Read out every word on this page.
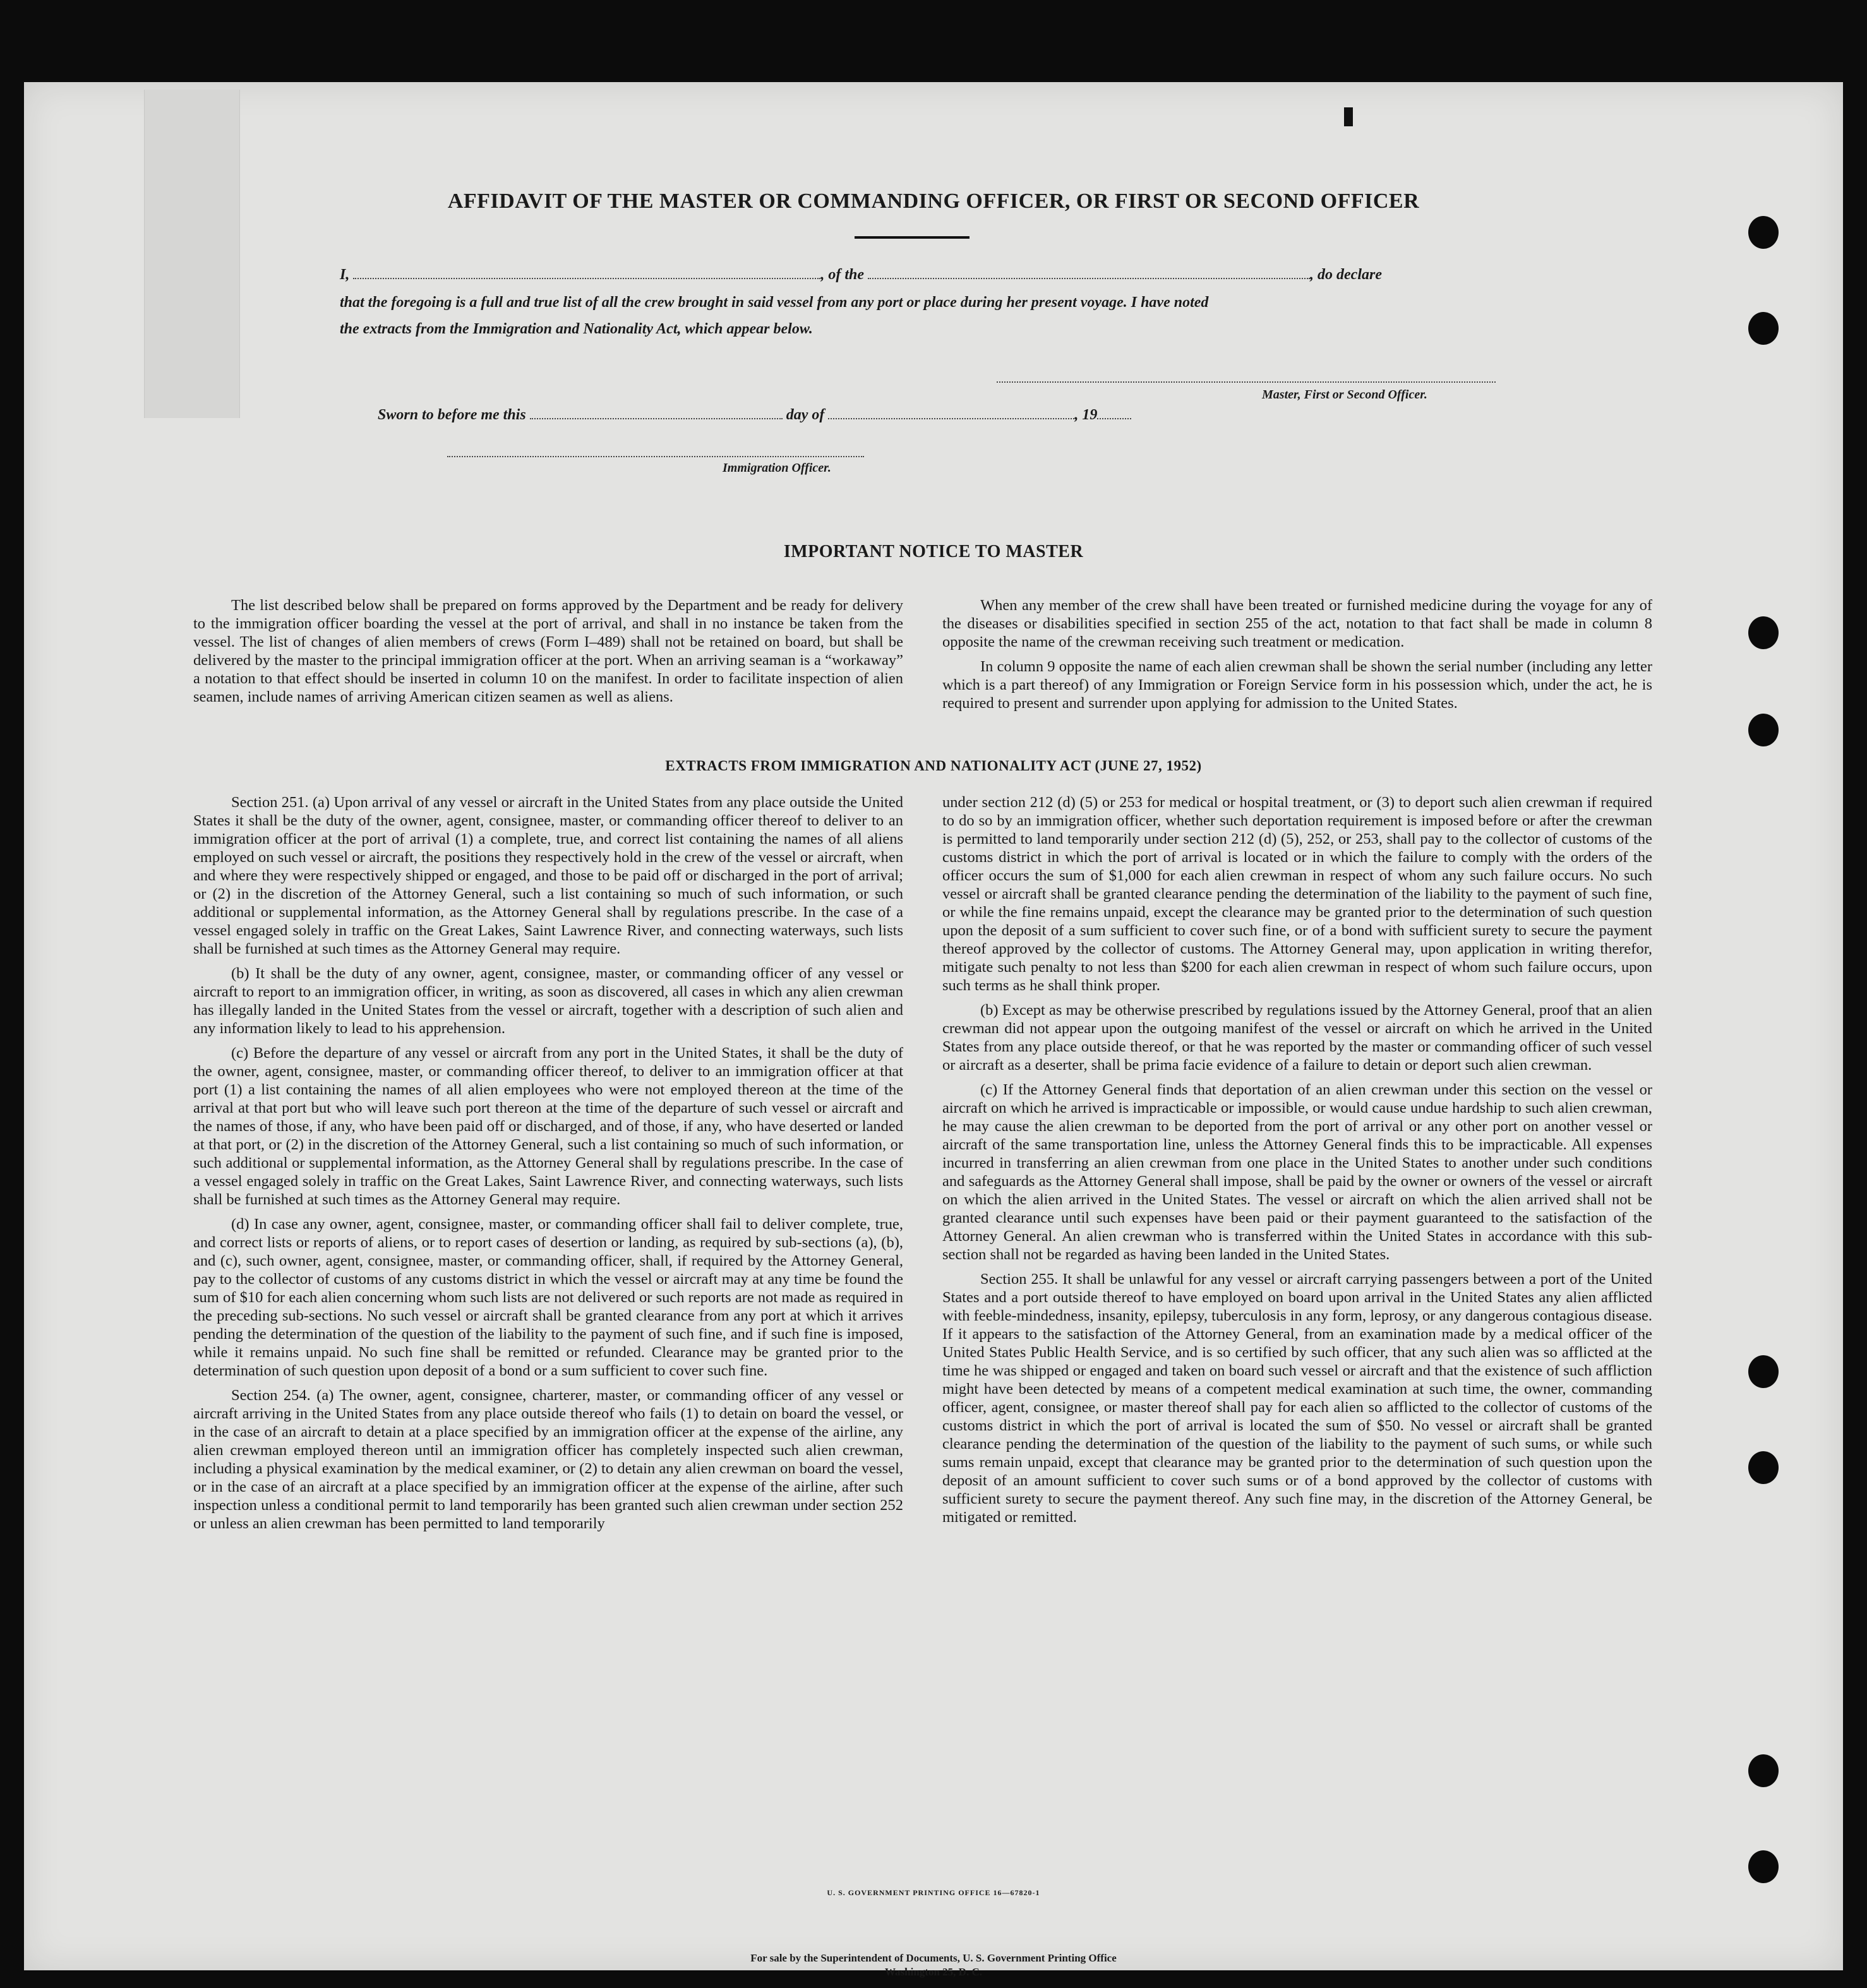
AFFIDAVIT OF THE MASTER OR COMMANDING OFFICER, OR FIRST OR SECOND OFFICER
I,	, of the	, do declare
that the foregoing is a full and true list of all the crew brought in said vessel from any port or place during her present voyage. I have noted
the extracts from the Immigration and Nationality Act, which appear below.
Master, First or Second Officer.
Sworn to before me this	day of	, 19
Immigration Officer.
IMPORTANT NOTICE TO MASTER

The list described below shall be prepared on forms approved by the Department and be ready for delivery to the immigration officer boarding the vessel at the port of arrival, and shall in no instance be taken from the vessel. The list of changes of alien members of crews (Form I–489) shall not be retained on board, but shall be delivered by the master to the principal immigration officer at the port. When an arriving seaman is a “workaway” a notation to that effect should be inserted in column 10 on the manifest. In order to facilitate inspection of alien seamen, include names of arriving American citizen seamen as well as aliens.

When any member of the crew shall have been treated or furnished medicine during the voyage for any of the diseases or disabilities specified in section 255 of the act, notation to that fact shall be made in column 8 opposite the name of the crewman receiving such treatment or medication.

In column 9 opposite the name of each alien crewman shall be shown the serial number (including any letter which is a part thereof) of any Immigration or Foreign Service form in his possession which, under the act, he is required to present and surrender upon applying for admission to the United States.

EXTRACTS FROM IMMIGRATION AND NATIONALITY ACT (JUNE 27, 1952)

Section 251. (a) Upon arrival of any vessel or aircraft in the United States from any place outside the United States it shall be the duty of the owner, agent, consignee, master, or commanding officer thereof to deliver to an immigration officer at the port of arrival (1) a complete, true, and correct list containing the names of all aliens employed on such vessel or aircraft, the positions they respectively hold in the crew of the vessel or aircraft, when and where they were respectively shipped or engaged, and those to be paid off or discharged in the port of arrival; or (2) in the discretion of the Attorney General, such a list containing so much of such information, or such additional or supplemental information, as the Attorney General shall by regulations prescribe. In the case of a vessel engaged solely in traffic on the Great Lakes, Saint Lawrence River, and connecting waterways, such lists shall be furnished at such times as the Attorney General may require.

(b) It shall be the duty of any owner, agent, consignee, master, or commanding officer of any vessel or aircraft to report to an immigration officer, in writing, as soon as discovered, all cases in which any alien crewman has illegally landed in the United States from the vessel or aircraft, together with a description of such alien and any information likely to lead to his apprehension.

(c) Before the departure of any vessel or aircraft from any port in the United States, it shall be the duty of the owner, agent, consignee, master, or commanding officer thereof, to deliver to an immigration officer at that port (1) a list containing the names of all alien employees who were not employed thereon at the time of the arrival at that port but who will leave such port thereon at the time of the departure of such vessel or aircraft and the names of those, if any, who have been paid off or discharged, and of those, if any, who have deserted or landed at that port, or (2) in the discretion of the Attorney General, such a list containing so much of such information, or such additional or supplemental information, as the Attorney General shall by regulations prescribe. In the case of a vessel engaged solely in traffic on the Great Lakes, Saint Lawrence River, and connecting waterways, such lists shall be furnished at such times as the Attorney General may require.

(d) In case any owner, agent, consignee, master, or commanding officer shall fail to deliver complete, true, and correct lists or reports of aliens, or to report cases of desertion or landing, as required by sub-sections (a), (b), and (c), such owner, agent, consignee, master, or commanding officer, shall, if required by the Attorney General, pay to the collector of customs of any customs district in which the vessel or aircraft may at any time be found the sum of $10 for each alien concerning whom such lists are not delivered or such reports are not made as required in the preceding sub-sections. No such vessel or aircraft shall be granted clearance from any port at which it arrives pending the determination of the question of the liability to the payment of such fine, and if such fine is imposed, while it remains unpaid. No such fine shall be remitted or refunded. Clearance may be granted prior to the determination of such question upon deposit of a bond or a sum sufficient to cover such fine.

Section 254. (a) The owner, agent, consignee, charterer, master, or commanding officer of any vessel or aircraft arriving in the United States from any place outside thereof who fails (1) to detain on board the vessel, or in the case of an aircraft to detain at a place specified by an immigration officer at the expense of the airline, any alien crewman employed thereon until an immigration officer has completely inspected such alien crewman, including a physical examination by the medical examiner, or (2) to detain any alien crewman on board the vessel, or in the case of an aircraft at a place specified by an immigration officer at the expense of the airline, after such inspection unless a conditional permit to land temporarily has been granted such alien crewman under section 252 or unless an alien crewman has been permitted to land temporarily

under section 212 (d) (5) or 253 for medical or hospital treatment, or (3) to deport such alien crewman if required to do so by an immigration officer, whether such deportation requirement is imposed before or after the crewman is permitted to land temporarily under section 212 (d) (5), 252, or 253, shall pay to the collector of customs of the customs district in which the port of arrival is located or in which the failure to comply with the orders of the officer occurs the sum of $1,000 for each alien crewman in respect of whom any such failure occurs. No such vessel or aircraft shall be granted clearance pending the determination of the liability to the payment of such fine, or while the fine remains unpaid, except the clearance may be granted prior to the determination of such question upon the deposit of a sum sufficient to cover such fine, or of a bond with sufficient surety to secure the payment thereof approved by the collector of customs. The Attorney General may, upon application in writing therefor, mitigate such penalty to not less than $200 for each alien crewman in respect of whom such failure occurs, upon such terms as he shall think proper.

(b) Except as may be otherwise prescribed by regulations issued by the Attorney General, proof that an alien crewman did not appear upon the outgoing manifest of the vessel or aircraft on which he arrived in the United States from any place outside thereof, or that he was reported by the master or commanding officer of such vessel or aircraft as a deserter, shall be prima facie evidence of a failure to detain or deport such alien crewman.

(c) If the Attorney General finds that deportation of an alien crewman under this section on the vessel or aircraft on which he arrived is impracticable or impossible, or would cause undue hardship to such alien crewman, he may cause the alien crewman to be deported from the port of arrival or any other port on another vessel or aircraft of the same transportation line, unless the Attorney General finds this to be impracticable. All expenses incurred in transferring an alien crewman from one place in the United States to another under such conditions and safeguards as the Attorney General shall impose, shall be paid by the owner or owners of the vessel or aircraft on which the alien arrived in the United States. The vessel or aircraft on which the alien arrived shall not be granted clearance until such expenses have been paid or their payment guaranteed to the satisfaction of the Attorney General. An alien crewman who is transferred within the United States in accordance with this sub-section shall not be regarded as having been landed in the United States.

Section 255. It shall be unlawful for any vessel or aircraft carrying passengers between a port of the United States and a port outside thereof to have employed on board upon arrival in the United States any alien afflicted with feeble-mindedness, insanity, epilepsy, tuberculosis in any form, leprosy, or any dangerous contagious disease. If it appears to the satisfaction of the Attorney General, from an examination made by a medical officer of the United States Public Health Service, and is so certified by such officer, that any such alien was so afflicted at the time he was shipped or engaged and taken on board such vessel or aircraft and that the existence of such affliction might have been detected by means of a competent medical examination at such time, the owner, commanding officer, agent, consignee, or master thereof shall pay for each alien so afflicted to the collector of customs of the customs district in which the port of arrival is located the sum of $50. No vessel or aircraft shall be granted clearance pending the determination of the question of the liability to the payment of such sums, or while such sums remain unpaid, except that clearance may be granted prior to the determination of such question upon the deposit of an amount sufficient to cover such sums or of a bond approved by the collector of customs with sufficient surety to secure the payment thereof. Any such fine may, in the discretion of the Attorney General, be mitigated or remitted.

U. S. GOVERNMENT PRINTING OFFICE 16—67820-1
For sale by the Superintendent of Documents, U. S. Government Printing Office
Washington 25, D. C.
